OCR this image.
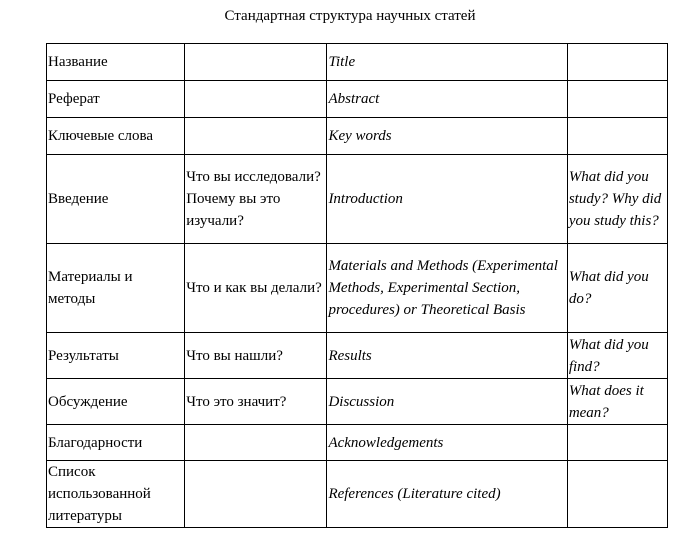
Стандартная структура научных статей
Название		Title	
Реферат		Abstract	
Ключевые слова		Key words	
Введение	Что вы исследовали? Почему вы это изучали?	Introduction	What did you study? Why did you study this?
Материалы и методы	Что и как вы делали?	Materials and Methods (Experimental Methods, Experimental Section, procedures) or Theoretical Basis	What did you do?
Результаты	Что вы нашли?	Results	What did you find?
Обсуждение	Что это значит?	Discussion	What does it mean?
Благодарности		Acknowledgements	
Список использованной литературы		References (Literature cited)	
